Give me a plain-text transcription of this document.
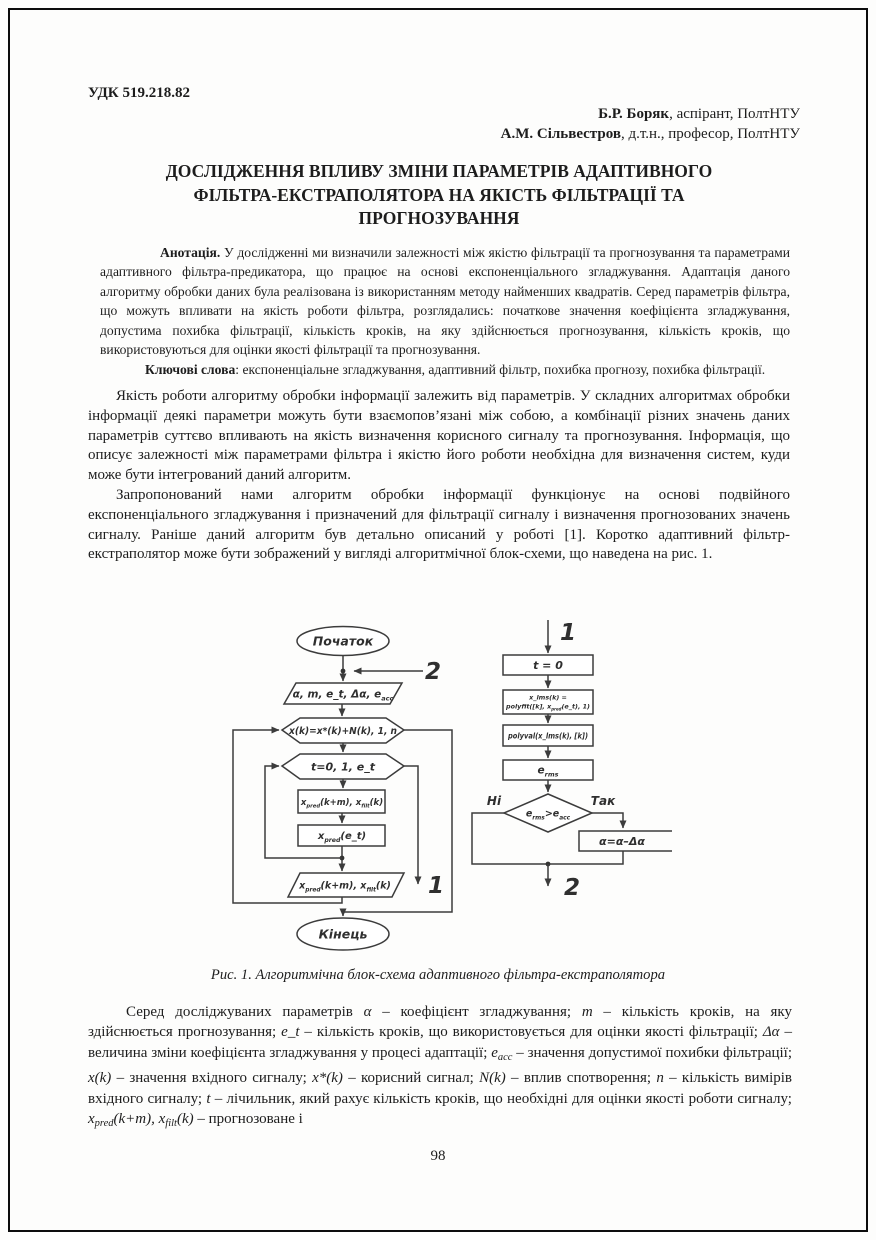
УДК 519.218.82
Б.Р. Боряк, аспірант, ПолтНТУ
А.М. Сільвестров, д.т.н., професор, ПолтНТУ
ДОСЛІДЖЕННЯ ВПЛИВУ ЗМІНИ ПАРАМЕТРІВ АДАПТИВНОГО
ФІЛЬТРА-ЕКСТРАПОЛЯТОРА НА ЯКІСТЬ ФІЛЬТРАЦІЇ ТА
ПРОГНОЗУВАННЯ

Анотація. У дослідженні ми визначили залежності між якістю фільтрації та прогнозування та параметрами адаптивного фільтра-предикатора, що працює на основі експоненціального згладжування. Адаптація даного алгоритму обробки даних була реалізована із використанням методу найменших квадратів. Серед параметрів фільтра, що можуть впливати на якість роботи фільтра, розглядались: початкове значення коефіцієнта згладжування, допустима похибка фільтрації, кількість кроків, на яку здійснюється прогнозування, кількість кроків, що використовуються для оцінки якості фільтрації та прогнозування.

Ключові слова: експоненціальне згладжування, адаптивний фільтр, похибка прогнозу, похибка фільтрації.

Якість роботи алгоритму обробки інформації залежить від параметрів. У складних алгоритмах обробки інформації деякі параметри можуть бути взаємопов’язані між собою, а комбінації різних значень даних параметрів суттєво впливають на якість визначення корисного сигналу та прогнозування. Інформація, що описує залежності між параметрами фільтра і якістю його роботи необхідна для визначення систем, куди може бути інтегрований даний алгоритм.

Запропонований нами алгоритм обробки інформації функціонує на основі подвійного експоненціального згладжування і призначений для фільтрації сигналу і визначення прогнозованих значень сигналу. Раніше даний алгоритм був детально описаний у роботі [1]. Коротко адаптивний фільтр-екстраполятор може бути зображений у вигляді алгоритмічної блок-схеми, що наведена на рис. 1.

Початок
α, m, e_t, Δα, $e_{acc}$
x(k)=x*(k)+N(k), 1, n
t=0, 1, e_t
$x_{pred}(k+m)$, $x_{filt}(k)$
$x_{pred}(e\_t)$
$x_{pred}(k+m)$, $x_{filt}(k)$
Кінець
t = 0
x_lms(k) =
polyfit([k], $x_{pred}(e\_t)$, 1)
polyval(x_lms(k), [k])
$e_{rms}$
$e_{rms}>e_{acc}$
Ні	Так
α=α–Δα
2
1
1
2
Рис. 1. Алгоритмічна блок-схема адаптивного фільтра-екстраполятора

Серед досліджуваних параметрів α – коефіцієнт згладжування; m – кількість кроків, на яку здійснюється прогнозування; e_t – кількість кроків, що використовується для оцінки якості фільтрації; Δα – величина зміни коефіцієнта згладжування у процесі адаптації; $e_{acc}$ – значення допустимої похибки фільтрації; x(k) – значення вхідного сигналу; x*(k) – корисний сигнал; N(k) – вплив спотворення; n – кількість вимірів вхідного сигналу; t – лічильник, який рахує кількість кроків, що необхідні для оцінки якості роботи сигналу; $x_{pred}(k+m)$, $x_{filt}(k)$ – прогнозоване і

98
